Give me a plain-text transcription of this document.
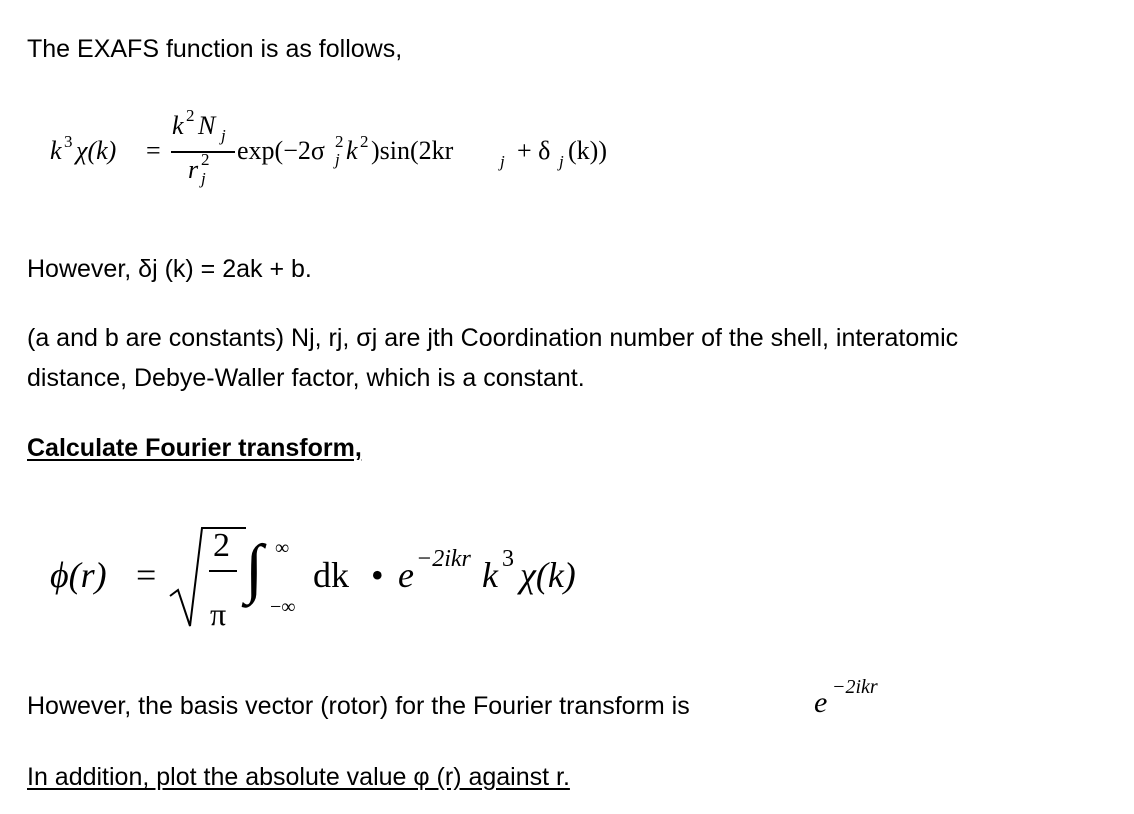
The EXAFS function is as follows,
k 3 χ(k) =
k 2 N j
r 2
j
exp(−2σ 2
j k 2 )sin(2kr	j + δ j (k))
However, δj (k) = 2ak + b.
(a and b are constants) Nj, rj, σj are jth Coordination number of the shell, interatomic
distance, Debye-Waller factor, which is a constant.
Calculate Fourier transform,
ϕ(r) =
2
π
∫ ∞
−∞
dk • e −2ikr k 3 χ(k)
However, the basis vector (rotor) for the Fourier transform is	e −2ikr
In addition, plot the absolute value φ (r) against r.
